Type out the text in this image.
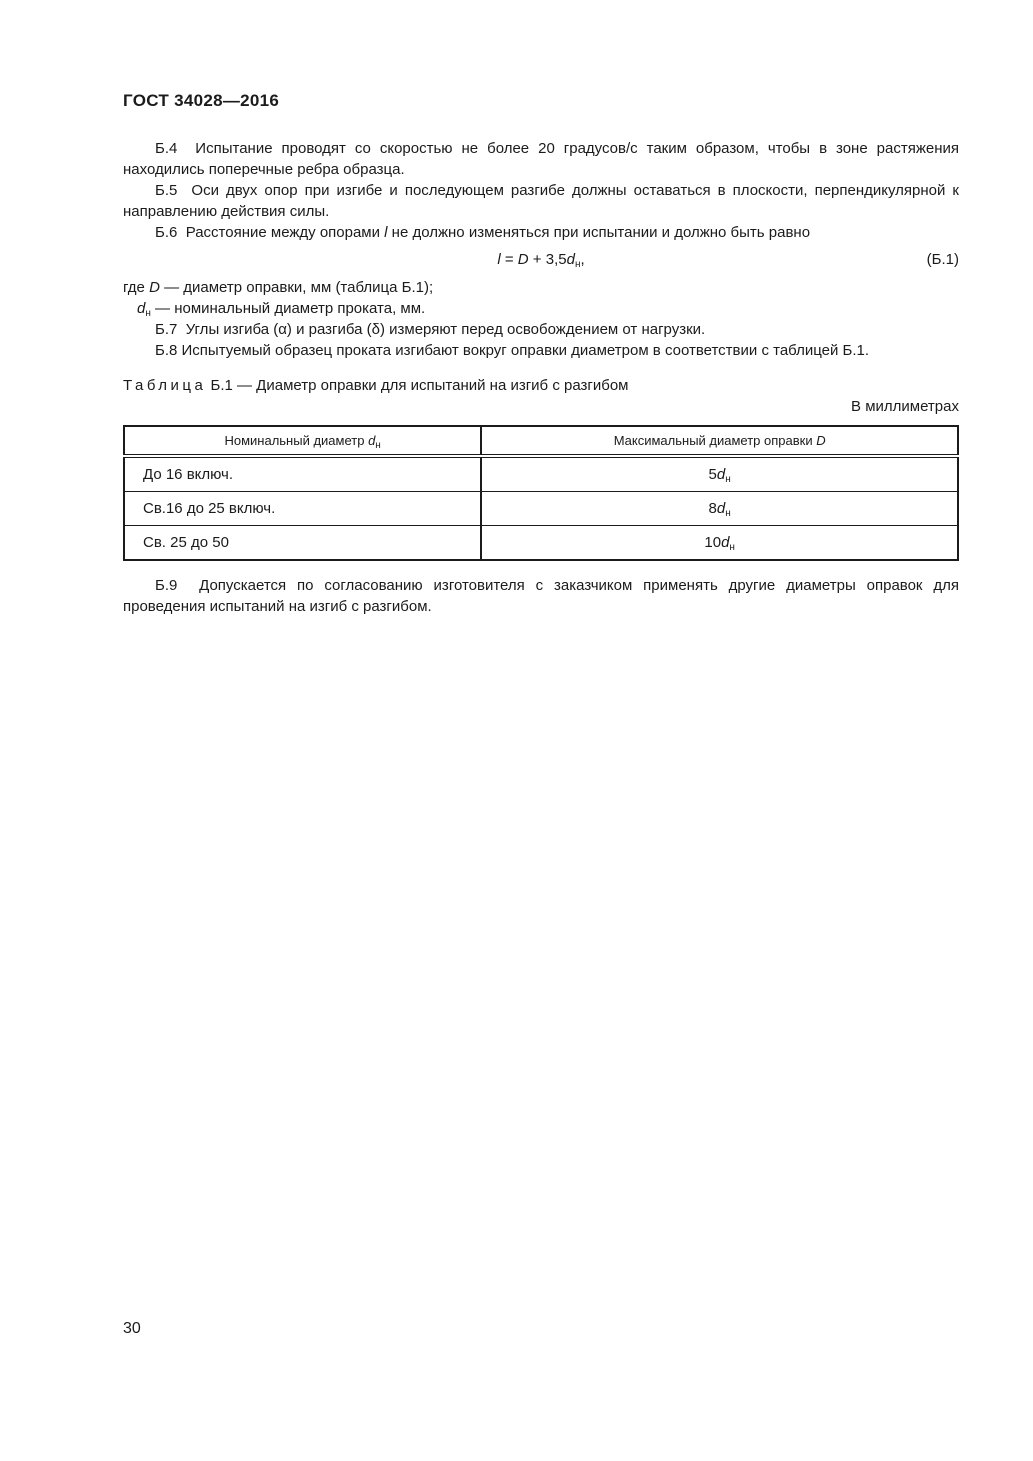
ГОСТ 34028—2016

Б.4  Испытание проводят со скоростью не более 20 градусов/с таким образом, чтобы в зоне растяжения находились поперечные ребра образца.

Б.5  Оси двух опор при изгибе и последующем разгибе должны оставаться в плоскости, перпендикулярной к направлению действия силы.

Б.6  Расстояние между опорами l не должно изменяться при испытании и должно быть равно

$l = D + 3,5d_н$,	(Б.1)

где D — диаметр оправки, мм (таблица Б.1);

$d_н$ — номинальный диаметр проката, мм.

Б.7  Углы изгиба (α) и разгиба (δ) измеряют перед освобождением от нагрузки.

Б.8 Испытуемый образец проката изгибают вокруг оправки диаметром в соответствии с таблицей Б.1.

Таблица Б.1 — Диаметр оправки для испытаний на изгиб с разгибом
В миллиметрах
Номинальный диаметр $d_н$	Максимальный диаметр оправки D
До 16 включ.	$5d_н$
Св.16 до 25 включ.	$8d_н$
Св. 25 до 50	$10d_н$

Б.9  Допускается по согласованию изготовителя с заказчиком применять другие диаметры оправок для проведения испытаний на изгиб с разгибом.

30
